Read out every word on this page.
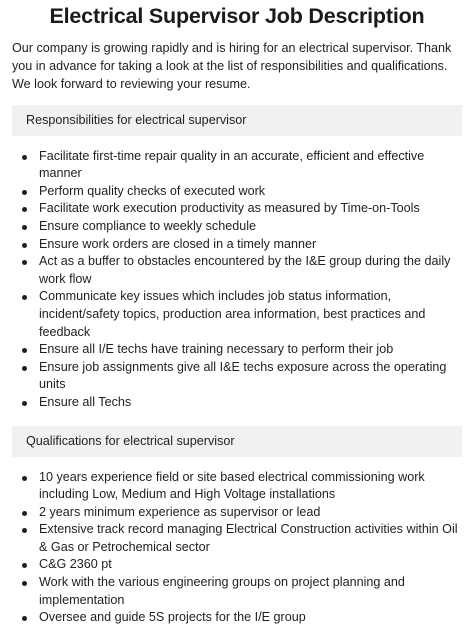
Electrical Supervisor Job Description

Our company is growing rapidly and is hiring for an electrical supervisor. Thank you in advance for taking a look at the list of responsibilities and qualifications. We look forward to reviewing your resume.

Responsibilities for electrical supervisor
Facilitate first-time repair quality in an accurate, efficient and effective manner
Perform quality checks of executed work
Facilitate work execution productivity as measured by Time-on-Tools
Ensure compliance to weekly schedule
Ensure work orders are closed in a timely manner
Act as a buffer to obstacles encountered by the I&E group during the daily work flow
Communicate key issues which includes job status information, incident/safety topics, production area information, best practices and feedback
Ensure all I/E techs have training necessary to perform their job
Ensure job assignments give all I&E techs exposure across the operating units
Ensure all Techs
Qualifications for electrical supervisor
10 years experience field or site based electrical commissioning work including Low, Medium and High Voltage installations
2 years minimum experience as supervisor or lead
Extensive track record managing Electrical Construction activities within Oil & Gas or Petrochemical sector
C&G 2360 pt
Work with the various engineering groups on project planning and implementation
Oversee and guide 5S projects for the I/E group
